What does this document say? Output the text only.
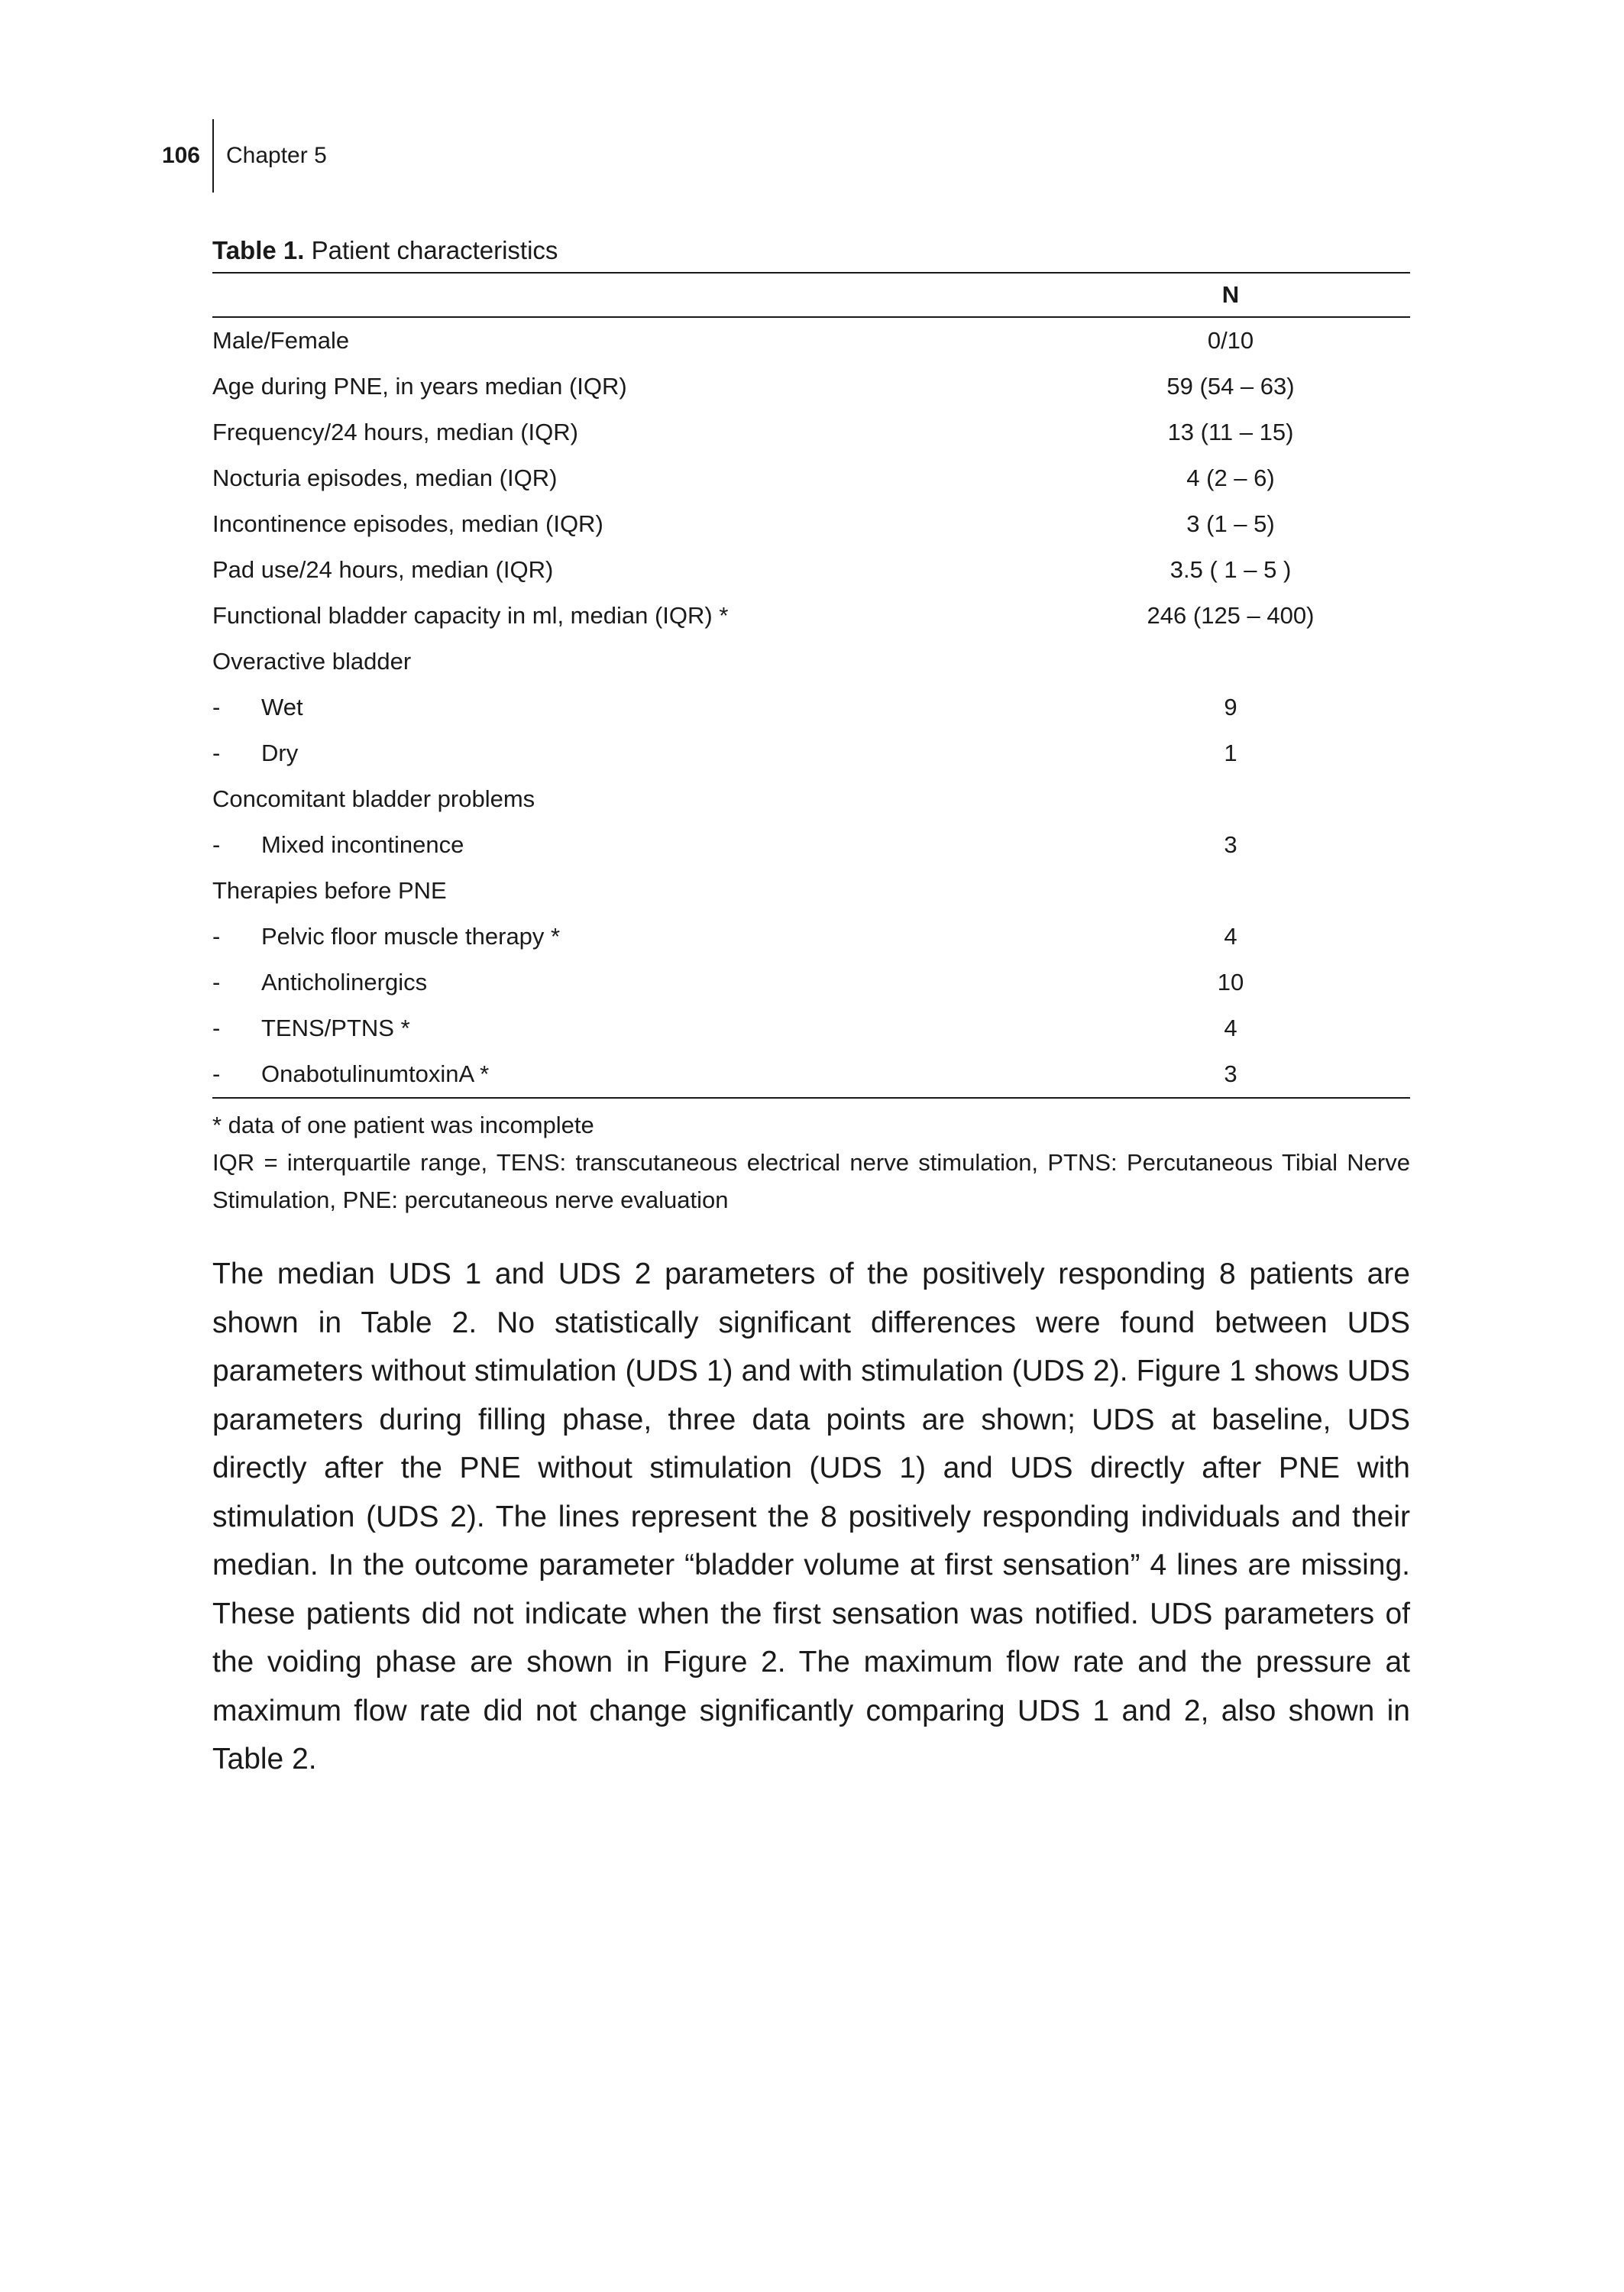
106 Chapter 5
Table 1. Patient characteristics
N
Male/Female	0/10
Age during PNE, in years median (IQR)	59 (54 – 63)
Frequency/24 hours, median (IQR)	13 (11 – 15)
Nocturia episodes, median (IQR)	4 (2 – 6)
Incontinence episodes, median (IQR)	3 (1 – 5)
Pad use/24 hours, median (IQR)	3.5 ( 1 – 5 )
Functional bladder capacity in ml, median (IQR) *	246 (125 – 400)
Overactive bladder
- Wet	9
- Dry	1
Concomitant bladder problems
- Mixed incontinence	3
Therapies before PNE
- Pelvic floor muscle therapy *	4
- Anticholinergics	10
- TENS/PTNS *	4
- OnabotulinumtoxinA *	3

* data of one patient was incomplete

IQR = interquartile range, TENS: transcutaneous electrical nerve stimulation, PTNS: Percutaneous Tibial Nerve Stimulation, PNE: percutaneous nerve evaluation

The median UDS 1 and UDS 2 parameters of the positively responding 8 patients are shown in Table 2. No statistically significant differences were found between UDS parameters without stimulation (UDS 1) and with stimulation (UDS 2). Figure 1 shows UDS parameters during filling phase, three data points are shown; UDS at baseline, UDS directly after the PNE without stimulation (UDS 1) and UDS directly after PNE with stimulation (UDS 2). The lines represent the 8 positively responding individuals and their median. In the outcome parameter “bladder volume at first sensation” 4 lines are missing. These patients did not indicate when the first sensation was notified. UDS parameters of the voiding phase are shown in Figure 2. The maximum flow rate and the pressure at maximum flow rate did not change significantly comparing UDS 1 and 2, also shown in Table 2.
